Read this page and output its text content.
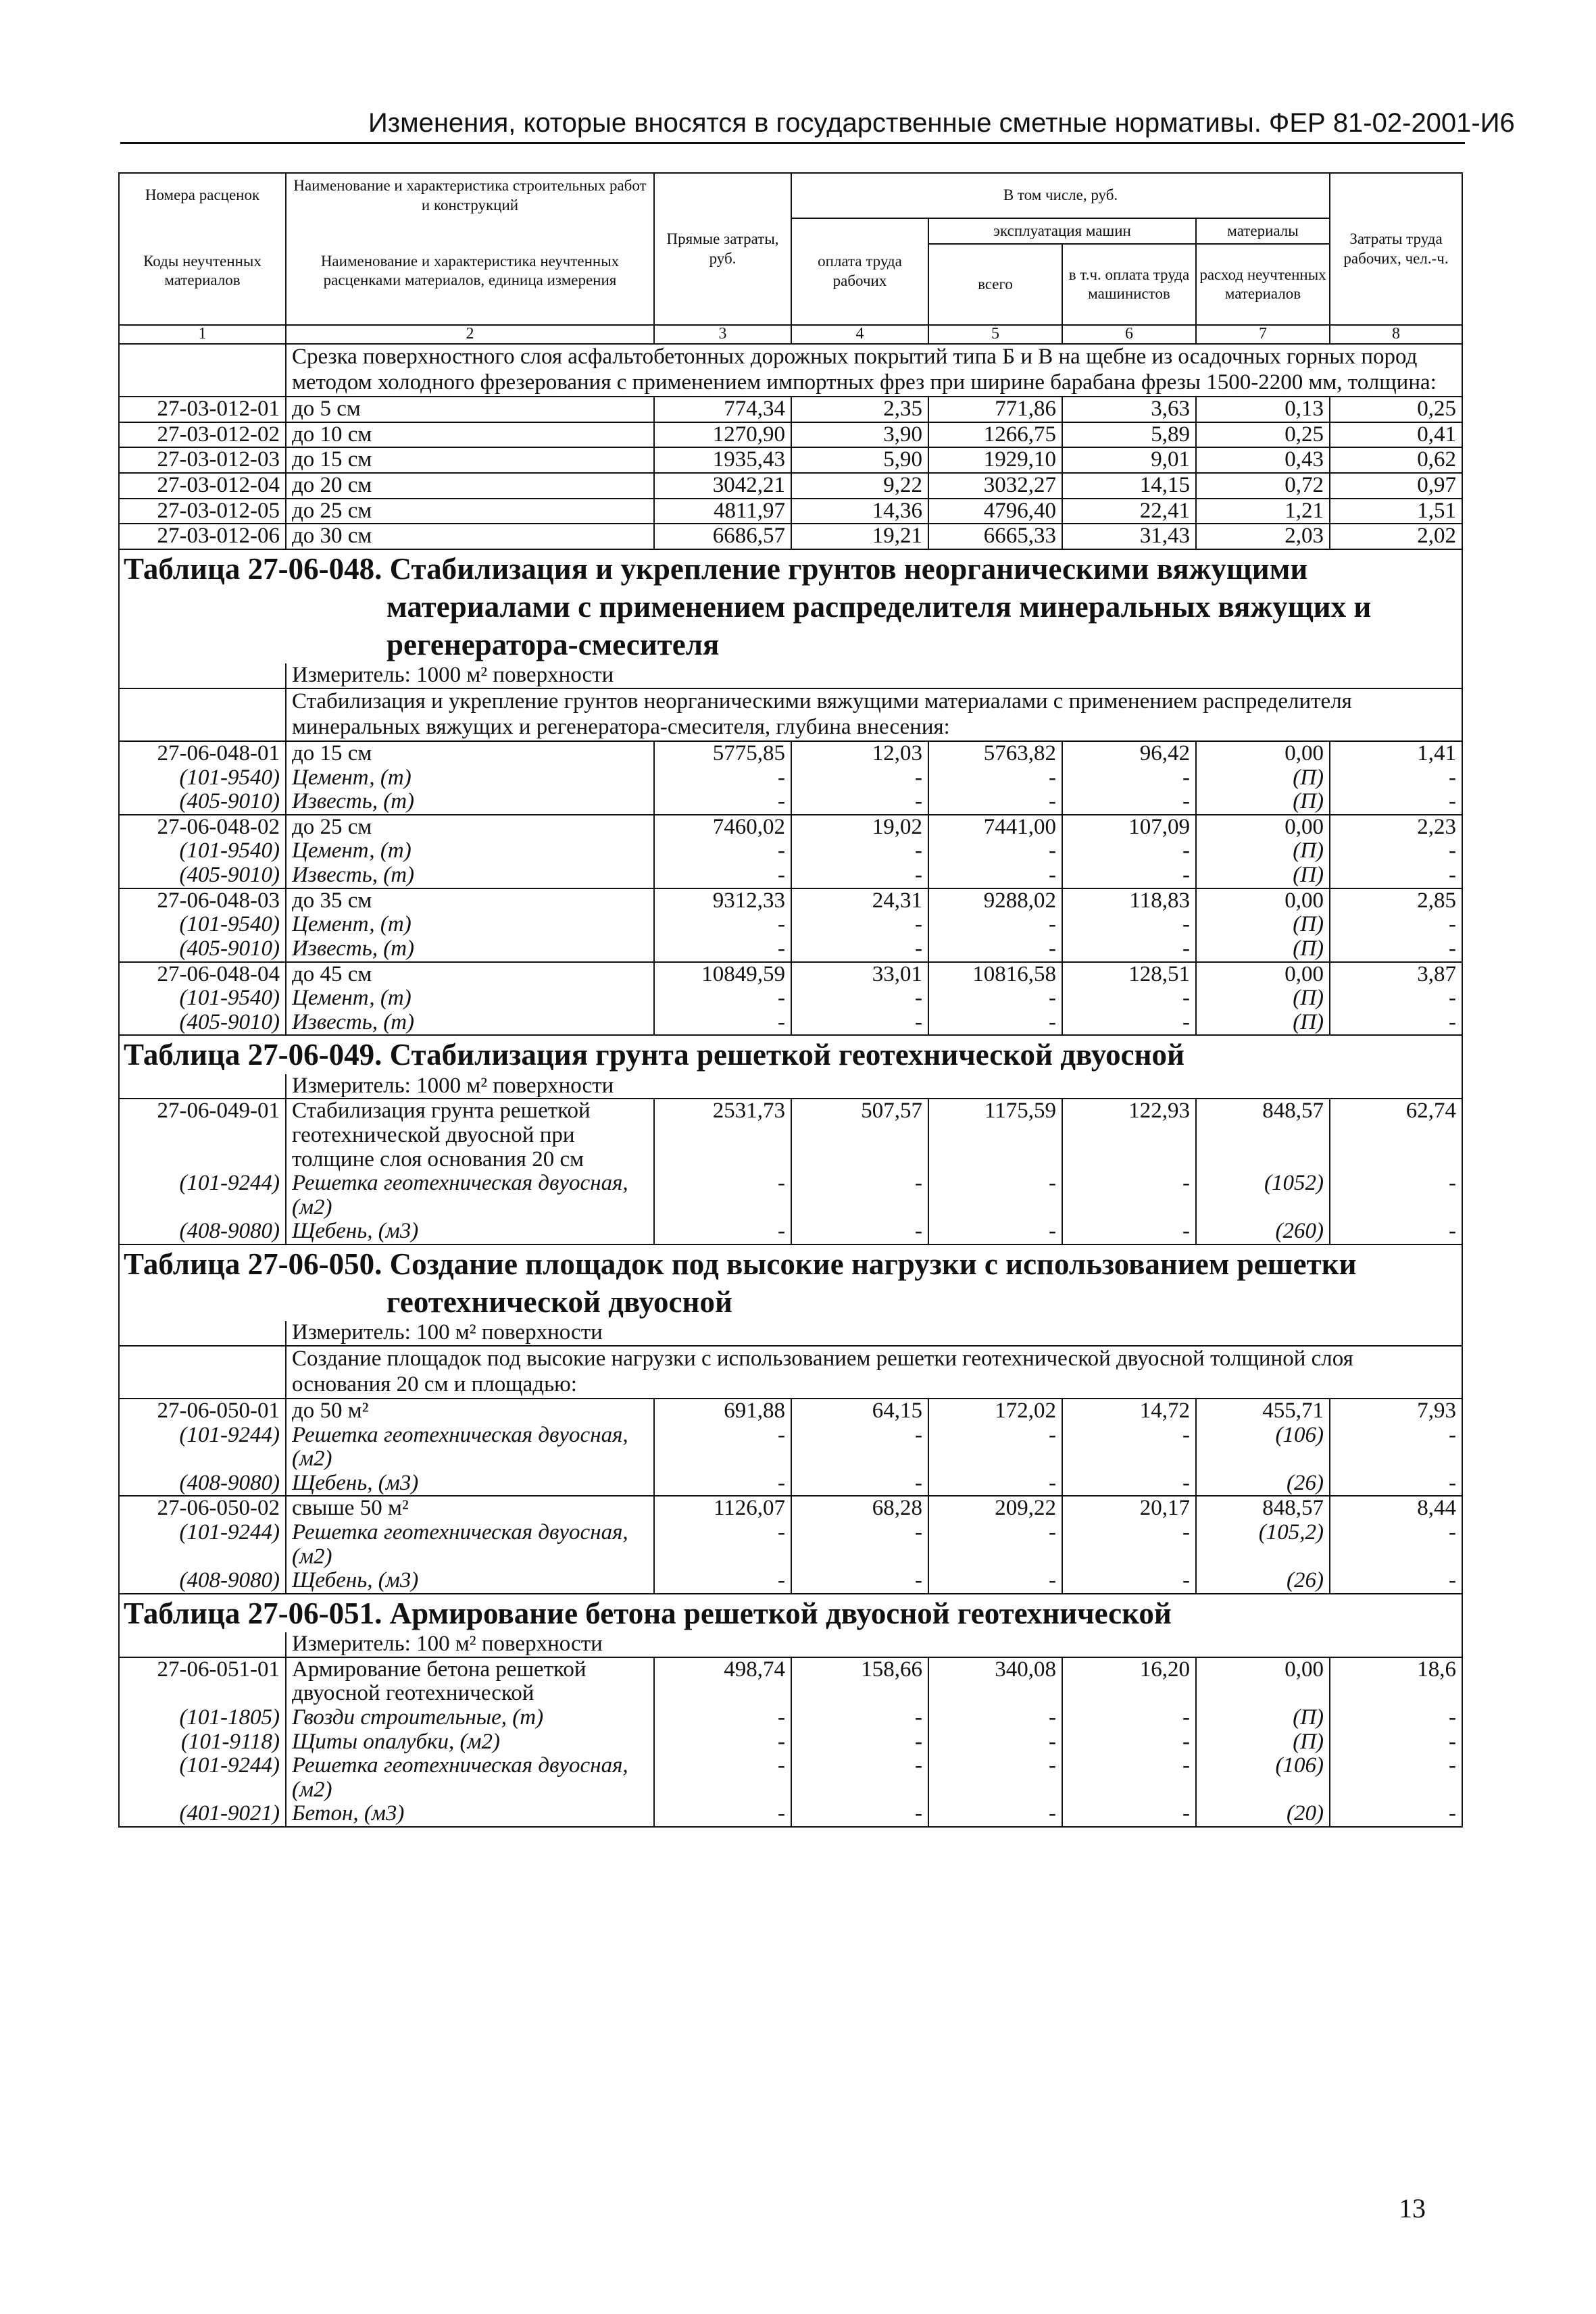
Изменения, которые вносятся в государственные сметные нормативы. ФЕР 81-02-2001-И6
Номера расценок	Наименование и характеристика строительных работ и конструкций	Прямые затраты, руб.	В том числе, руб.				Затраты труда рабочих, чел.-ч.
Коды неучтенных материалов	Наименование и характеристика неучтенных расценками материалов, единица измерения		оплата труда рабочих	эксплуатация машин		материалы	
				всего	в т.ч. оплата труда машинистов	расход неучтенных материалов	
1	2	3	4	5	6	7	8
	Срезка поверхностного слоя асфальтобетонных дорожных покрытий типа Б и В на щебне из осадочных горных пород методом холодного фрезерования с применением импортных фрез при ширине барабана фрезы 1500-2200 мм, толщина:						
27-03-012-01	до 5 см	774,34	2,35	771,86	3,63	0,13	0,25
27-03-012-02	до 10 см	1270,90	3,90	1266,75	5,89	0,25	0,41
27-03-012-03	до 15 см	1935,43	5,90	1929,10	9,01	0,43	0,62
27-03-012-04	до 20 см	3042,21	9,22	3032,27	14,15	0,72	0,97
27-03-012-05	до 25 см	4811,97	14,36	4796,40	22,41	1,21	1,51
27-03-012-06	до 30 см	6686,57	19,21	6665,33	31,43	2,03	2,02
Таблица 27-06-048. Стабилизация и укрепление грунтов неорганическими вяжущими							
материалами с применением распределителя минеральных вяжущих и							
регенератора-смесителя							
	Измеритель: 1000 м² поверхности						
	Стабилизация и укрепление грунтов неорганическими вяжущими материалами с применением распределителя минеральных вяжущих и регенератора-смесителя, глубина внесения:						
27-06-048-01	до 15 см	5775,85	12,03	5763,82	96,42	0,00	1,41
(101-9540)	Цемент, (т)	-	-	-	-	(П)	-
(405-9010)	Известь, (т)	-	-	-	-	(П)	-
27-06-048-02	до 25 см	7460,02	19,02	7441,00	107,09	0,00	2,23
(101-9540)	Цемент, (т)	-	-	-	-	(П)	-
(405-9010)	Известь, (т)	-	-	-	-	(П)	-
27-06-048-03	до 35 см	9312,33	24,31	9288,02	118,83	0,00	2,85
(101-9540)	Цемент, (т)	-	-	-	-	(П)	-
(405-9010)	Известь, (т)	-	-	-	-	(П)	-
27-06-048-04	до 45 см	10849,59	33,01	10816,58	128,51	0,00	3,87
(101-9540)	Цемент, (т)	-	-	-	-	(П)	-
(405-9010)	Известь, (т)	-	-	-	-	(П)	-
Таблица 27-06-049. Стабилизация грунта решеткой геотехнической двуосной							
	Измеритель: 1000 м² поверхности						
27-06-049-01	Стабилизация грунта решеткой геотехнической двуосной при толщине слоя основания 20 см	2531,73	507,57	1175,59	122,93	848,57	62,74
(101-9244)	Решетка геотехническая двуосная, (м2)	-	-	-	-	(1052)	-
(408-9080)	Щебень, (м3)	-	-	-	-	(260)	-
Таблица 27-06-050. Создание площадок под высокие нагрузки с использованием решетки							
геотехнической двуосной							
	Измеритель: 100 м² поверхности						
	Создание площадок под высокие нагрузки с использованием решетки геотехнической двуосной толщиной слоя основания 20 см и площадью:						
27-06-050-01	до 50 м²	691,88	64,15	172,02	14,72	455,71	7,93
(101-9244)	Решетка геотехническая двуосная, (м2)	-	-	-	-	(106)	-
(408-9080)	Щебень, (м3)	-	-	-	-	(26)	-
27-06-050-02	свыше 50 м²	1126,07	68,28	209,22	20,17	848,57	8,44
(101-9244)	Решетка геотехническая двуосная, (м2)	-	-	-	-	(105,2)	-
(408-9080)	Щебень, (м3)	-	-	-	-	(26)	-
Таблица 27-06-051. Армирование бетона решеткой двуосной геотехнической							
	Измеритель: 100 м² поверхности						
27-06-051-01	Армирование бетона решеткой двуосной геотехнической	498,74	158,66	340,08	16,20	0,00	18,6
(101-1805)	Гвозди строительные, (т)	-	-	-	-	(П)	-
(101-9118)	Щиты опалубки, (м2)	-	-	-	-	(П)	-
(101-9244)	Решетка геотехническая двуосная, (м2)	-	-	-	-	(106)	-
(401-9021)	Бетон, (м3)	-	-	-	-	(20)	-
13
